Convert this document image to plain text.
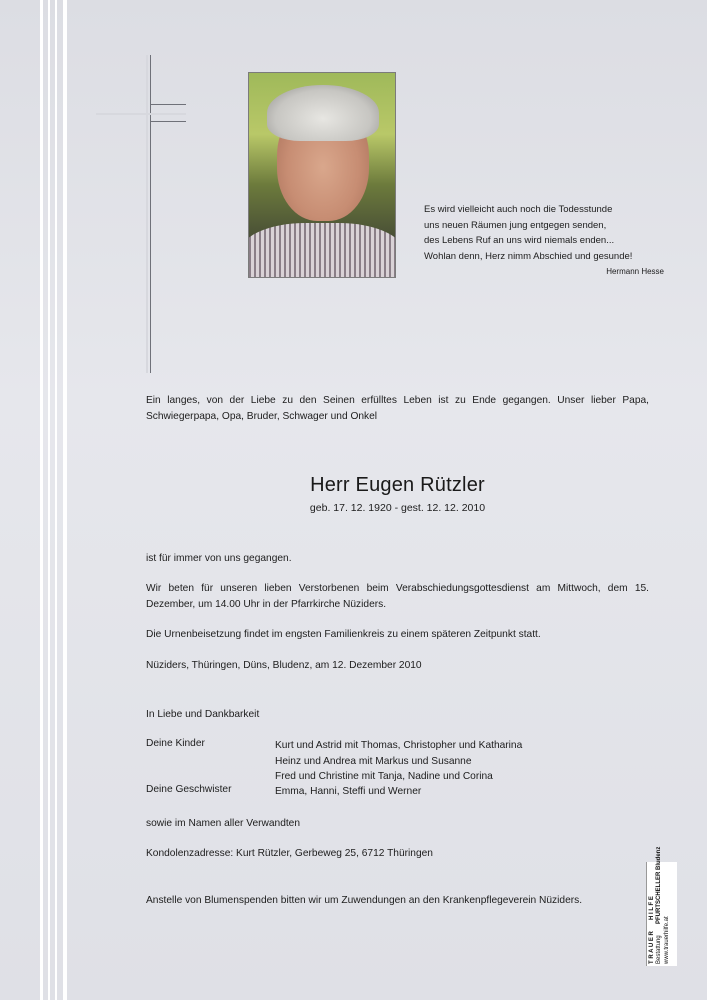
Es wird vielleicht auch noch die Todesstunde
uns neuen Räumen jung entgegen senden,
des Lebens Ruf an uns wird niemals enden...
Wohlan denn, Herz nimm Abschied und gesunde!
Hermann Hesse
Ein langes, von der Liebe zu den Seinen erfülltes Leben ist zu Ende gegangen. Unser lieber Papa, Schwiegerpapa, Opa, Bruder, Schwager und Onkel
Herr Eugen Rützler
geb. 17. 12. 1920 - gest. 12. 12. 2010
ist für immer von uns gegangen.
Wir beten für unseren lieben Verstorbenen beim Verabschiedungsgottesdienst am Mittwoch, dem 15. Dezember, um 14.00 Uhr in der Pfarrkirche Nüziders.
Die Urnenbeisetzung findet im engsten Familienkreis zu einem späteren Zeitpunkt statt.
Nüziders, Thüringen, Düns, Bludenz, am 12. Dezember 2010
In Liebe und Dankbarkeit
Deine Kinder	Kurt und Astrid mit Thomas, Christopher und Katharina
Heinz und Andrea mit Markus und Susanne
Fred und Christine mit Tanja, Nadine und Corina
Deine Geschwister	Emma, Hanni, Steffi und Werner
sowie im Namen aller Verwandten
Kondolenzadresse: Kurt Rützler, Gerbeweg 25, 6712 Thüringen
Anstelle von Blumenspenden bitten wir um Zuwendungen an den Krankenpflegeverein Nüziders.
T R A U E R
H I L F E
Bestattung
PFURTSCHELLER Bludenz
www.trauerhilfe.at
